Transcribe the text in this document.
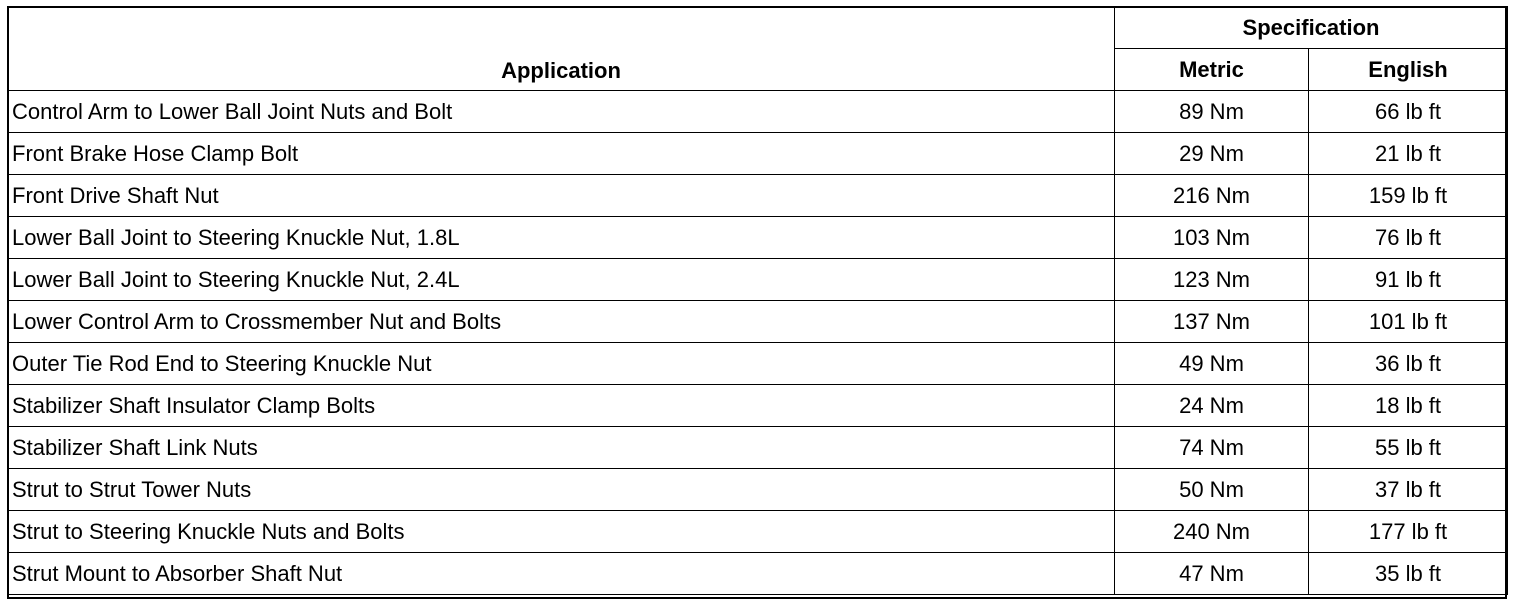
Application	Specification	
	Metric	English
Control Arm to Lower Ball Joint Nuts and Bolt	89 Nm	66 lb ft
Front Brake Hose Clamp Bolt	29 Nm	21 lb ft
Front Drive Shaft Nut	216 Nm	159 lb ft
Lower Ball Joint to Steering Knuckle Nut, 1.8L	103 Nm	76 lb ft
Lower Ball Joint to Steering Knuckle Nut, 2.4L	123 Nm	91 lb ft
Lower Control Arm to Crossmember Nut and Bolts	137 Nm	101 lb ft
Outer Tie Rod End to Steering Knuckle Nut	49 Nm	36 lb ft
Stabilizer Shaft Insulator Clamp Bolts	24 Nm	18 lb ft
Stabilizer Shaft Link Nuts	74 Nm	55 lb ft
Strut to Strut Tower Nuts	50 Nm	37 lb ft
Strut to Steering Knuckle Nuts and Bolts	240 Nm	177 lb ft
Strut Mount to Absorber Shaft Nut	47 Nm	35 lb ft
